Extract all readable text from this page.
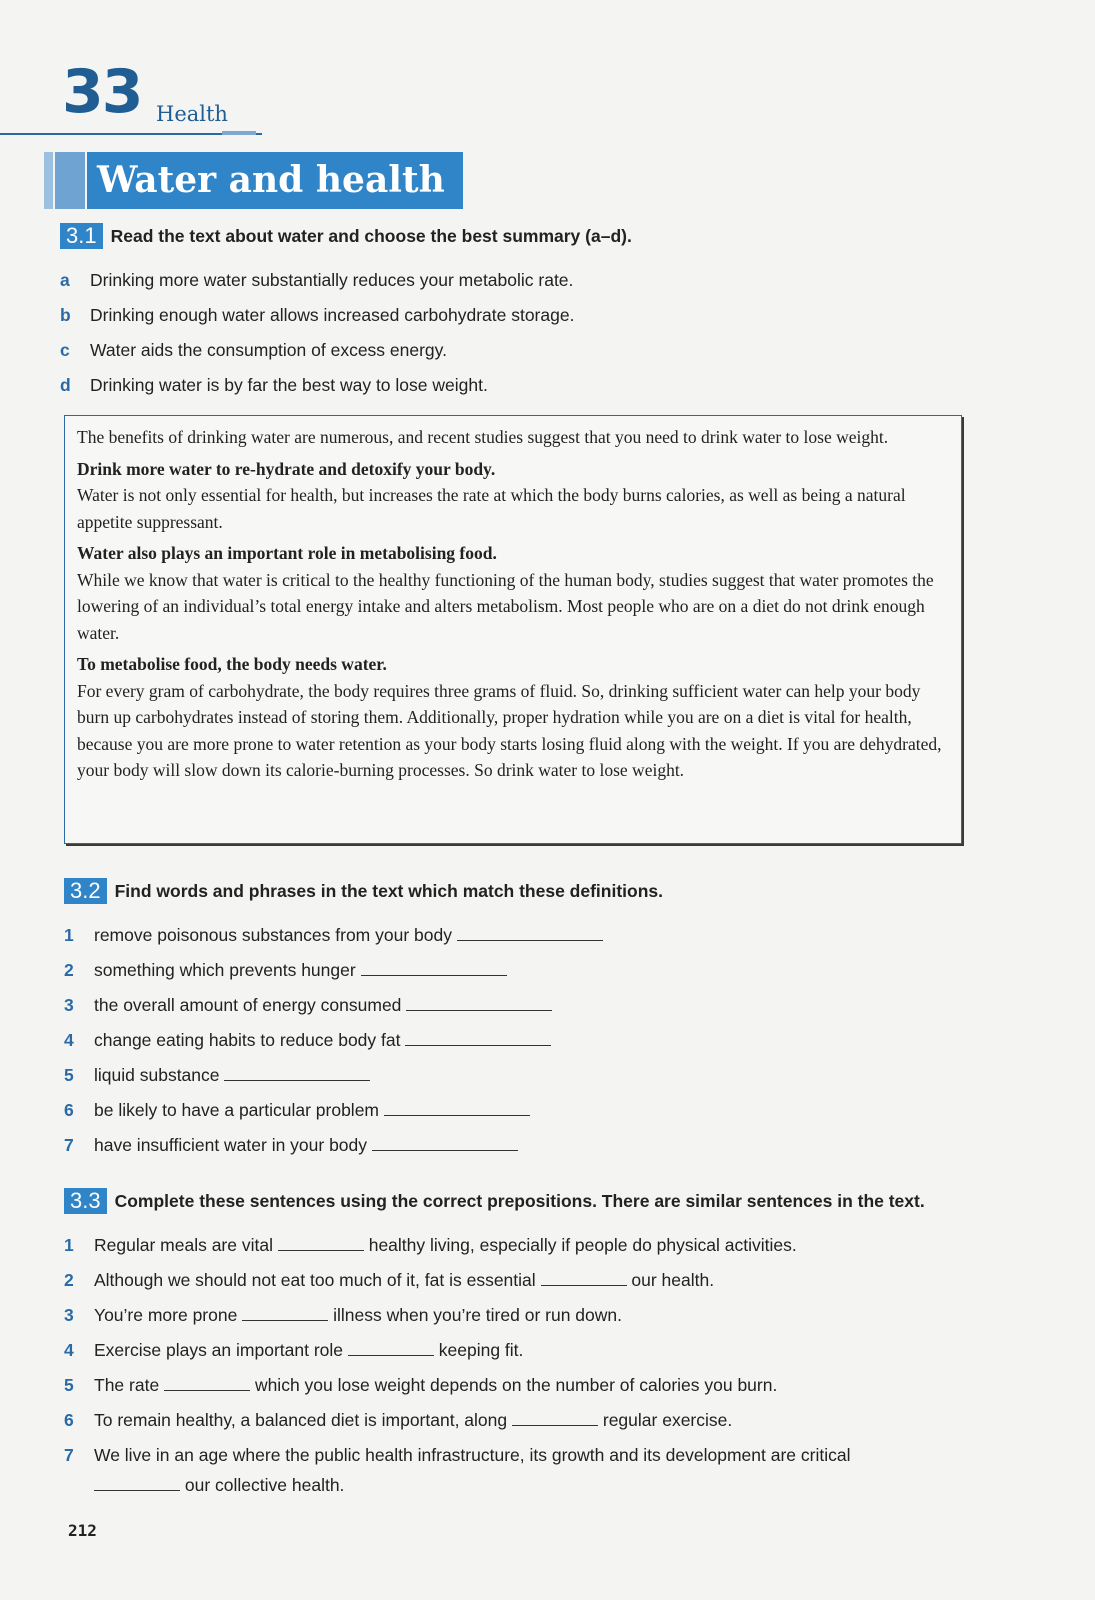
33 Health
Water and health
3.1 Read the text about water and choose the best summary (a–d).
a Drinking more water substantially reduces your metabolic rate.
b Drinking enough water allows increased carbohydrate storage.
c Water aids the consumption of excess energy.
d Drinking water is by far the best way to lose weight.

The benefits of drinking water are numerous, and recent studies suggest that you need to drink water to lose weight.

Drink more water to re-hydrate and detoxify your body.

Water is not only essential for health, but increases the rate at which the body burns calories, as well as being a natural appetite suppressant.

Water also plays an important role in metabolising food.

While we know that water is critical to the healthy functioning of the human body, studies suggest that water promotes the lowering of an individual’s total energy intake and alters metabolism. Most people who are on a diet do not drink enough water.

To metabolise food, the body needs water.

For every gram of carbohydrate, the body requires three grams of fluid. So, drinking sufficient water can help your body burn up carbohydrates instead of storing them. Additionally, proper hydration while you are on a diet is vital for health, because you are more prone to water retention as your body starts losing fluid along with the weight. If you are dehydrated, your body will slow down its calorie-burning processes. So drink water to lose weight.

3.2 Find words and phrases in the text which match these definitions.
1 remove poisonous substances from your body
2 something which prevents hunger
3 the overall amount of energy consumed
4 change eating habits to reduce body fat
5 liquid substance
6 be likely to have a particular problem
7 have insufficient water in your body
3.3 Complete these sentences using the correct prepositions. There are similar sentences in the text.
1 Regular meals are vital	healthy living, especially if people do physical activities.
2 Although we should not eat too much of it, fat is essential	our health.
3 You’re more prone	illness when you’re tired or run down.
4 Exercise plays an important role	keeping fit.
5 The rate	which you lose weight depends on the number of calories you burn.
6 To remain healthy, a balanced diet is important, along	regular exercise.
7 We live in an age where the public health infrastructure, its growth and its development are critical
our collective health.
212
